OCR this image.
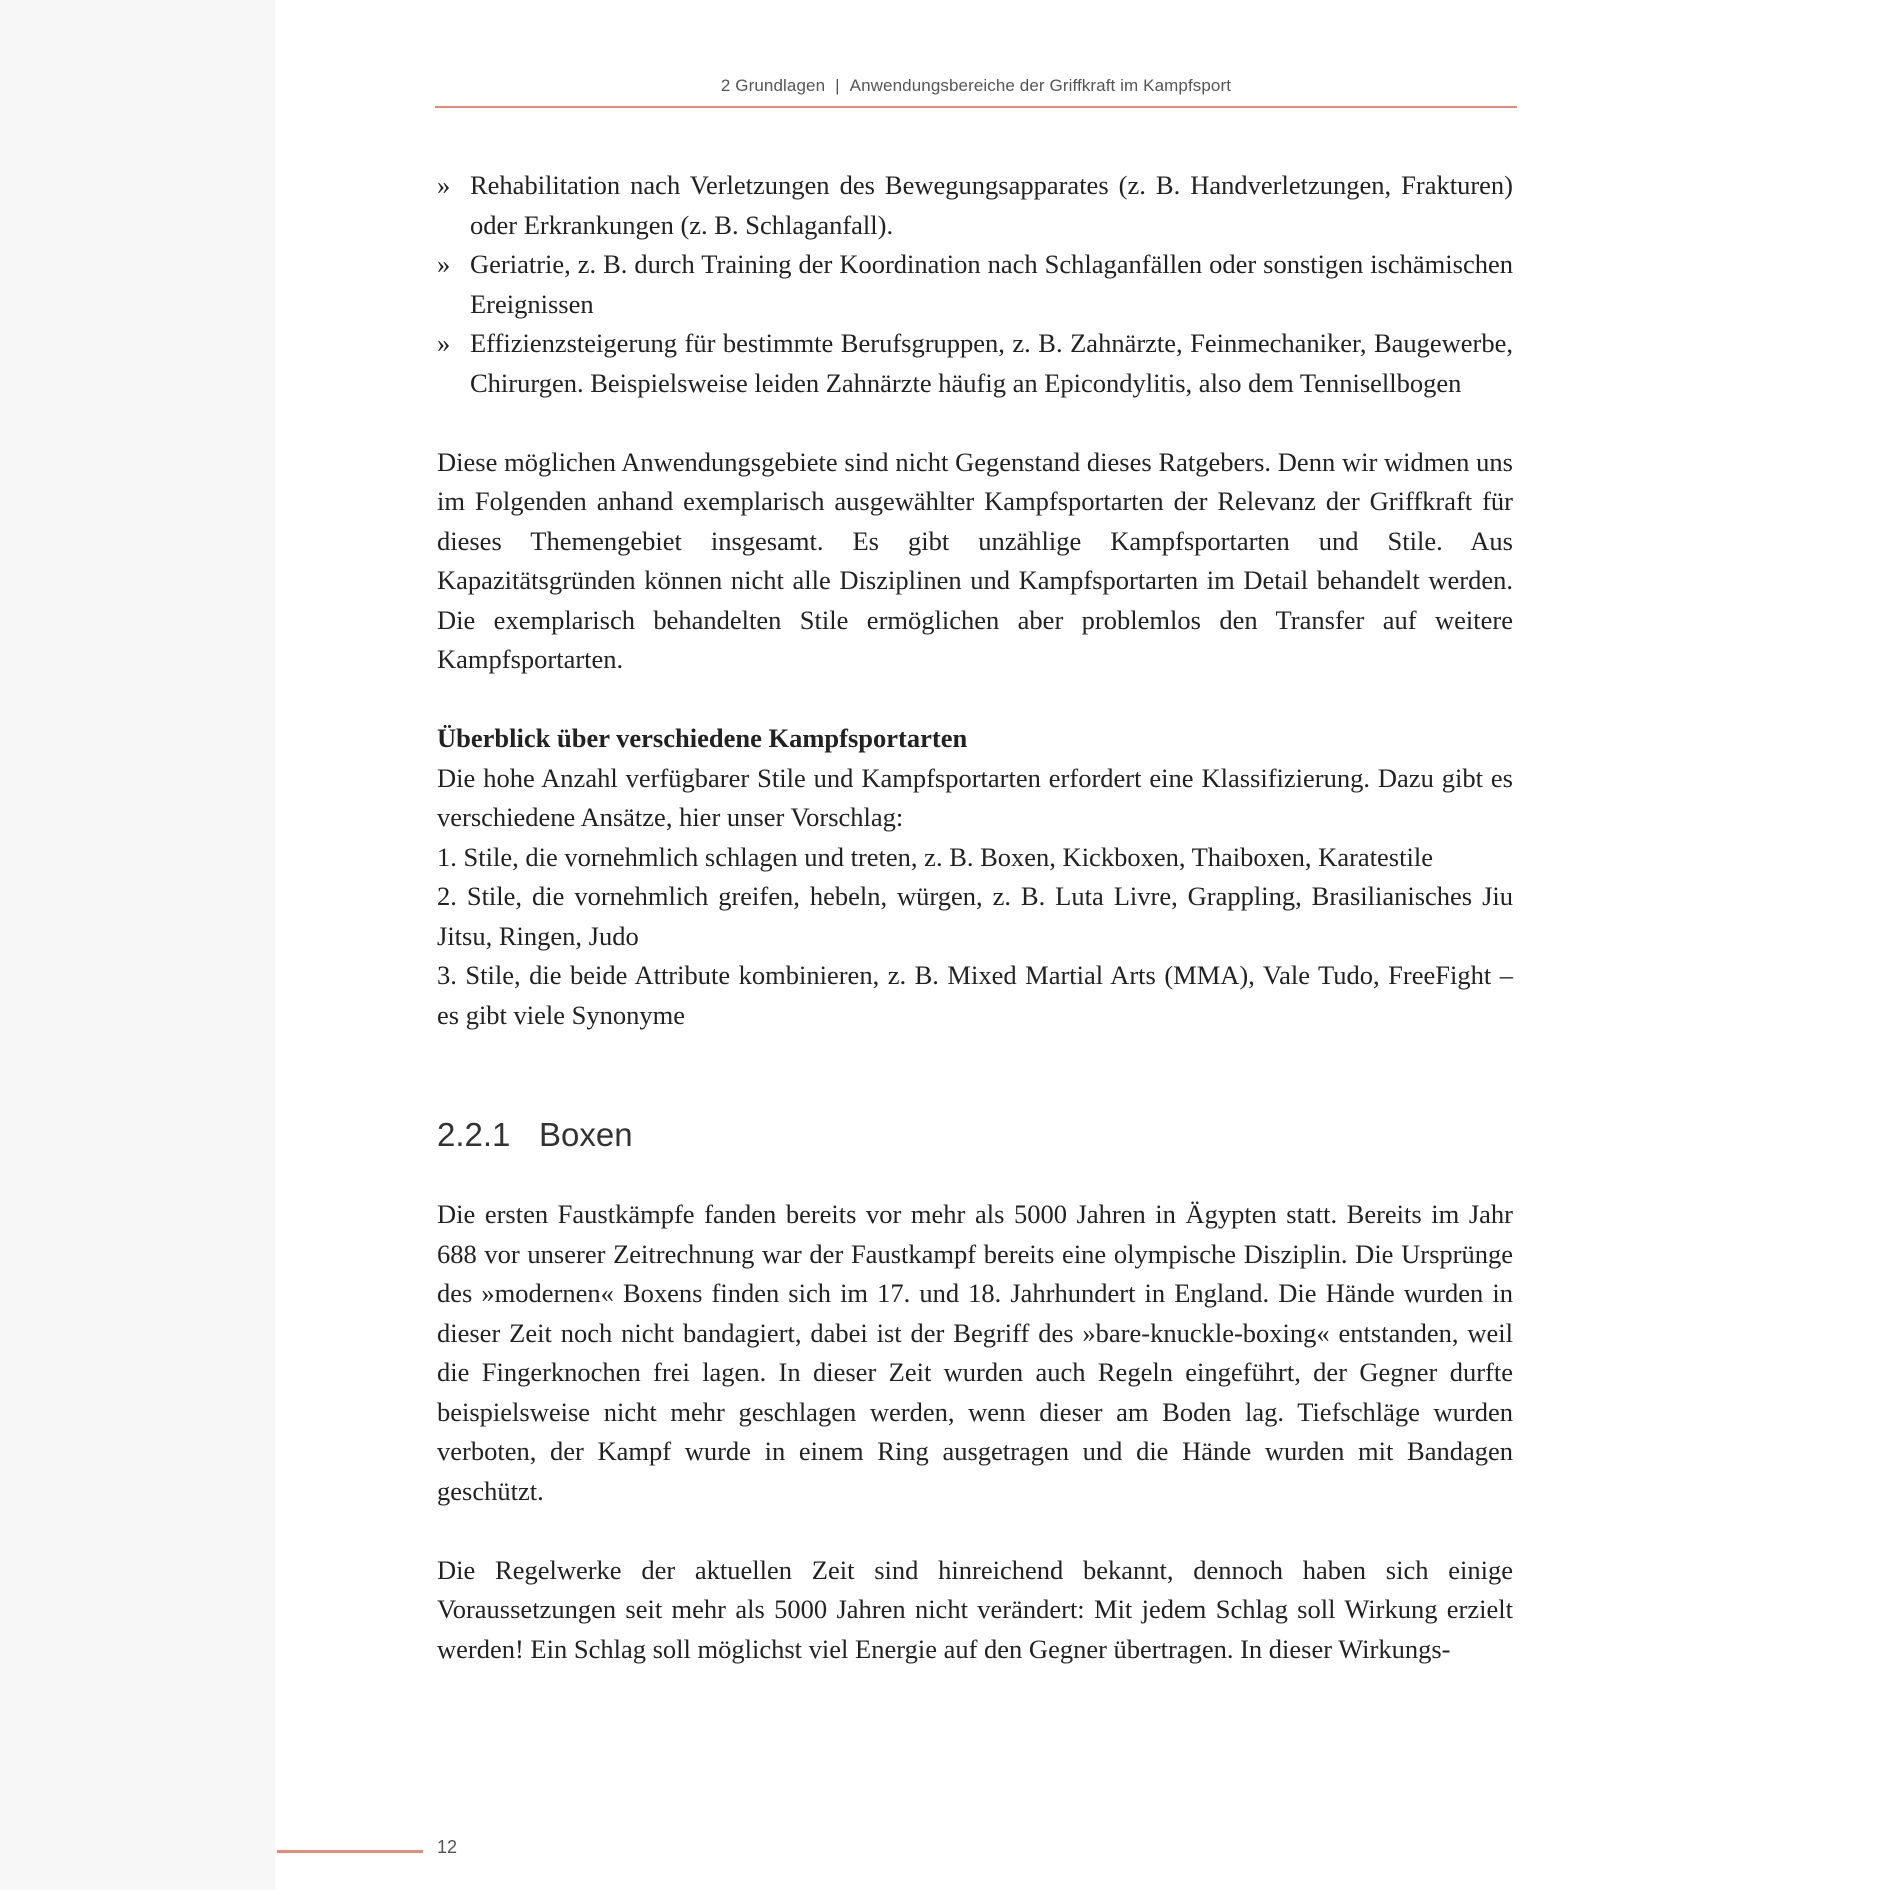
2 Grundlagen | Anwendungsbereiche der Griffkraft im Kampfsport
» Rehabilitation nach Verletzungen des Bewegungsapparates (z. B. Handverletzungen, Frakturen) oder Erkrankungen (z. B. Schlaganfall).
» Geriatrie, z. B. durch Training der Koordination nach Schlaganfällen oder sonstigen ischämischen Ereignissen
» Effizienzsteigerung für bestimmte Berufsgruppen, z. B. Zahnärzte, Feinmechaniker, Baugewerbe, Chirurgen. Beispielsweise leiden Zahnärzte häufig an Epicondylitis, also dem Tennisellbogen

Diese möglichen Anwendungsgebiete sind nicht Gegenstand dieses Ratgebers. Denn wir widmen uns im Folgenden anhand exemplarisch ausgewählter Kampfsportarten der Relevanz der Griffkraft für dieses Themengebiet insgesamt. Es gibt unzählige Kampfsportarten und Stile. Aus Kapazitätsgründen können nicht alle Disziplinen und Kampfsportarten im Detail behandelt werden. Die exemplarisch behandelten Stile ermöglichen aber problemlos den Transfer auf weitere Kampfsportarten.

Überblick über verschiedene Kampfsportarten

Die hohe Anzahl verfügbarer Stile und Kampfsportarten erfordert eine Klassifizierung. Dazu gibt es verschiedene Ansätze, hier unser Vorschlag:

1. Stile, die vornehmlich schlagen und treten, z. B. Boxen, Kickboxen, Thaiboxen, Karatestile
2. Stile, die vornehmlich greifen, hebeln, würgen, z. B. Luta Livre, Grappling, Brasilianisches Jiu Jitsu, Ringen, Judo
3. Stile, die beide Attribute kombinieren, z. B. Mixed Martial Arts (MMA), Vale Tudo, FreeFight – es gibt viele Synonyme
2.2.1 Boxen

Die ersten Faustkämpfe fanden bereits vor mehr als 5000 Jahren in Ägypten statt. Bereits im Jahr 688 vor unserer Zeitrechnung war der Faustkampf bereits eine olympische Disziplin. Die Ursprünge des »modernen« Boxens finden sich im 17. und 18. Jahrhundert in England. Die Hände wurden in dieser Zeit noch nicht bandagiert, dabei ist der Begriff des »bare-knuckle-boxing« entstanden, weil die Fingerknochen frei lagen. In dieser Zeit wurden auch Regeln eingeführt, der Gegner durfte beispielsweise nicht mehr geschlagen werden, wenn dieser am Boden lag. Tiefschläge wurden verboten, der Kampf wurde in einem Ring ausgetragen und die Hände wurden mit Bandagen geschützt.

Die Regelwerke der aktuellen Zeit sind hinreichend bekannt, dennoch haben sich einige Voraussetzungen seit mehr als 5000 Jahren nicht verändert: Mit jedem Schlag soll Wirkung erzielt werden! Ein Schlag soll möglichst viel Energie auf den Gegner übertragen. In dieser Wirkungs-

12
